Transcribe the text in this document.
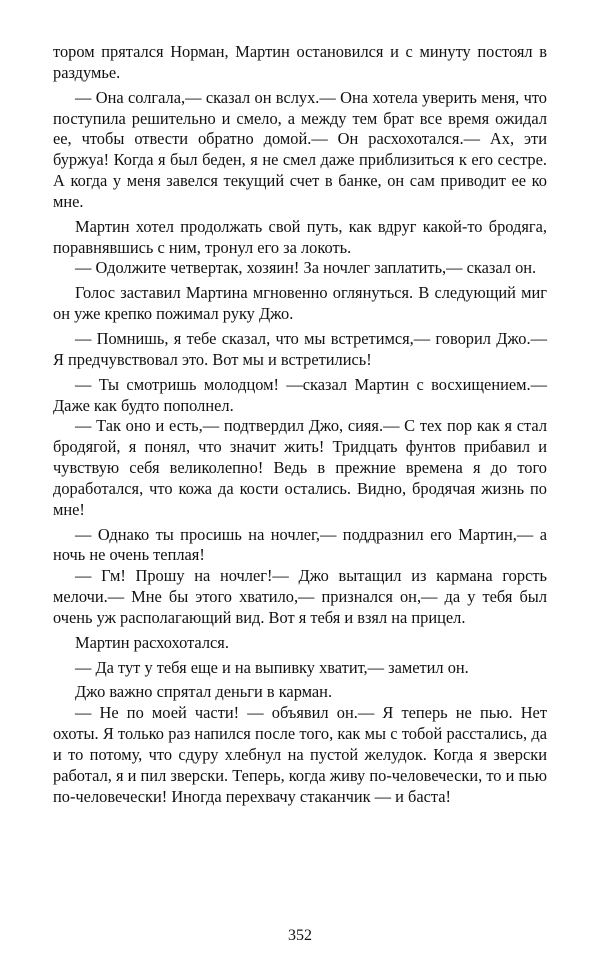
тором прятался Норман, Мартин остановился и с минуту постоял в раздумье.

— Она солгала,— сказал он вслух.— Она хотела уверить меня, что поступила решительно и смело, а между тем брат все время ожидал ее, чтобы отвести обратно домой.— Он расхохотался.— Ах, эти буржуа! Когда я был беден, я не смел даже приблизиться к его сестре. А когда у меня завелся текущий счет в банке, он сам приводит ее ко мне.

Мартин хотел продолжать свой путь, как вдруг какой-то бродяга, поравнявшись с ним, тронул его за локоть.

— Одолжите четвертак, хозяин! За ночлег заплатить,— сказал он.

Голос заставил Мартина мгновенно оглянуться. В следующий миг он уже крепко пожимал руку Джо.

— Помнишь, я тебе сказал, что мы встретимся,— говорил Джо.— Я предчувствовал это. Вот мы и встретились!

— Ты смотришь молодцом! —сказал Мартин с восхищением.— Даже как будто пополнел.

— Так оно и есть,— подтвердил Джо, сияя.— С тех пор как я стал бродягой, я понял, что значит жить! Тридцать фунтов прибавил и чувствую себя великолепно! Ведь в прежние времена я до того доработался, что кожа да кости остались. Видно, бродячая жизнь по мне!

— Однако ты просишь на ночлег,— поддразнил его Мартин,— а ночь не очень теплая!

— Гм! Прошу на ночлег!— Джо вытащил из кармана горсть мелочи.— Мне бы этого хватило,— признался он,— да у тебя был очень уж располагающий вид. Вот я тебя и взял на прицел.

Мартин расхохотался.

— Да тут у тебя еще и на выпивку хватит,— заметил он.

Джо важно спрятал деньги в карман.

— Не по моей части! — объявил он.— Я теперь не пью. Нет охоты. Я только раз напился после того, как мы с тобой расстались, да и то потому, что сдуру хлебнул на пустой желудок. Когда я зверски работал, я и пил зверски. Теперь, когда живу по-человечески, то и пью по-человечески! Иногда перехвачу стаканчик — и баста!

352
